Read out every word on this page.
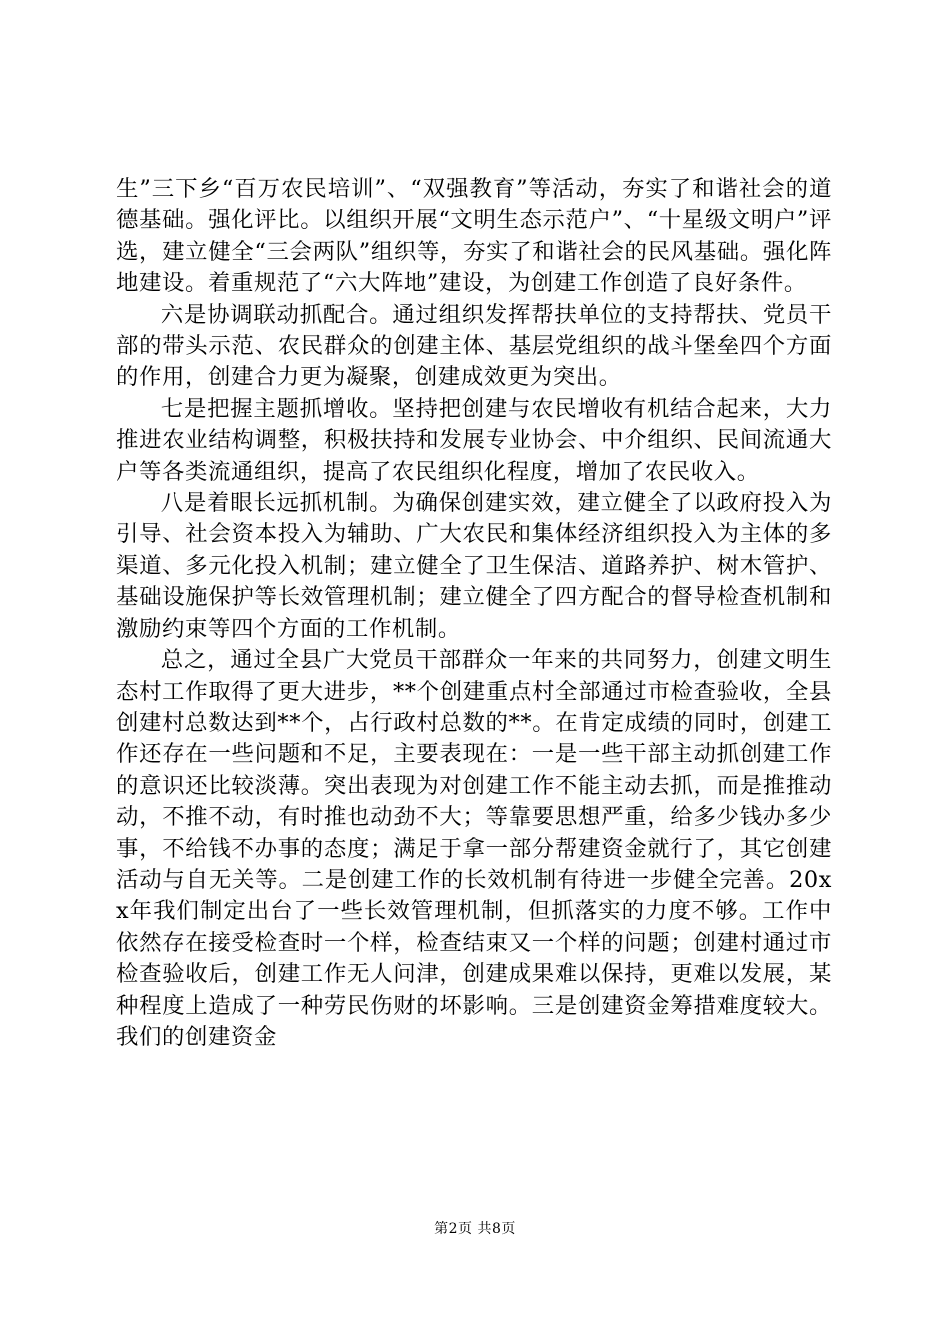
生”三下乡“百万农民培训”、“双强教育”等活动，夯实了和谐社会的道德基础。强化评比。以组织开展“文明生态示范户”、“十星级文明户”评选，建立健全“三会两队”组织等，夯实了和谐社会的民风基础。强化阵地建设。着重规范了“六大阵地”建设，为创建工作创造了良好条件。

六是协调联动抓配合。通过组织发挥帮扶单位的支持帮扶、党员干部的带头示范、农民群众的创建主体、基层党组织的战斗堡垒四个方面的作用，创建合力更为凝聚，创建成效更为突出。

七是把握主题抓增收。坚持把创建与农民增收有机结合起来，大力推进农业结构调整，积极扶持和发展专业协会、中介组织、民间流通大户等各类流通组织，提高了农民组织化程度，增加了农民收入。

八是着眼长远抓机制。为确保创建实效，建立健全了以政府投入为引导、社会资本投入为辅助、广大农民和集体经济组织投入为主体的多渠道、多元化投入机制；建立健全了卫生保洁、道路养护、树木管护、基础设施保护等长效管理机制；建立健全了四方配合的督导检查机制和激励约束等四个方面的工作机制。

总之，通过全县广大党员干部群众一年来的共同努力，创建文明生态村工作取得了更大进步，**个创建重点村全部通过市检查验收，全县创建村总数达到**个，占行政村总数的**。在肯定成绩的同时，创建工作还存在一些问题和不足，主要表现在：一是一些干部主动抓创建工作的意识还比较淡薄。突出表现为对创建工作不能主动去抓，而是推推动动，不推不动，有时推也动劲不大；等靠要思想严重，给多少钱办多少事，不给钱不办事的态度；满足于拿一部分帮建资金就行了，其它创建活动与自无关等。二是创建工作的长效机制有待进一步健全完善。20xx年我们制定出台了一些长效管理机制，但抓落实的力度不够。工作中依然存在接受检查时一个样，检查结束又一个样的问题；创建村通过市检查验收后，创建工作无人问津，创建成果难以保持，更难以发展，某种程度上造成了一种劳民伤财的坏影响。三是创建资金筹措难度较大。我们的创建资金

第2页 共8页
